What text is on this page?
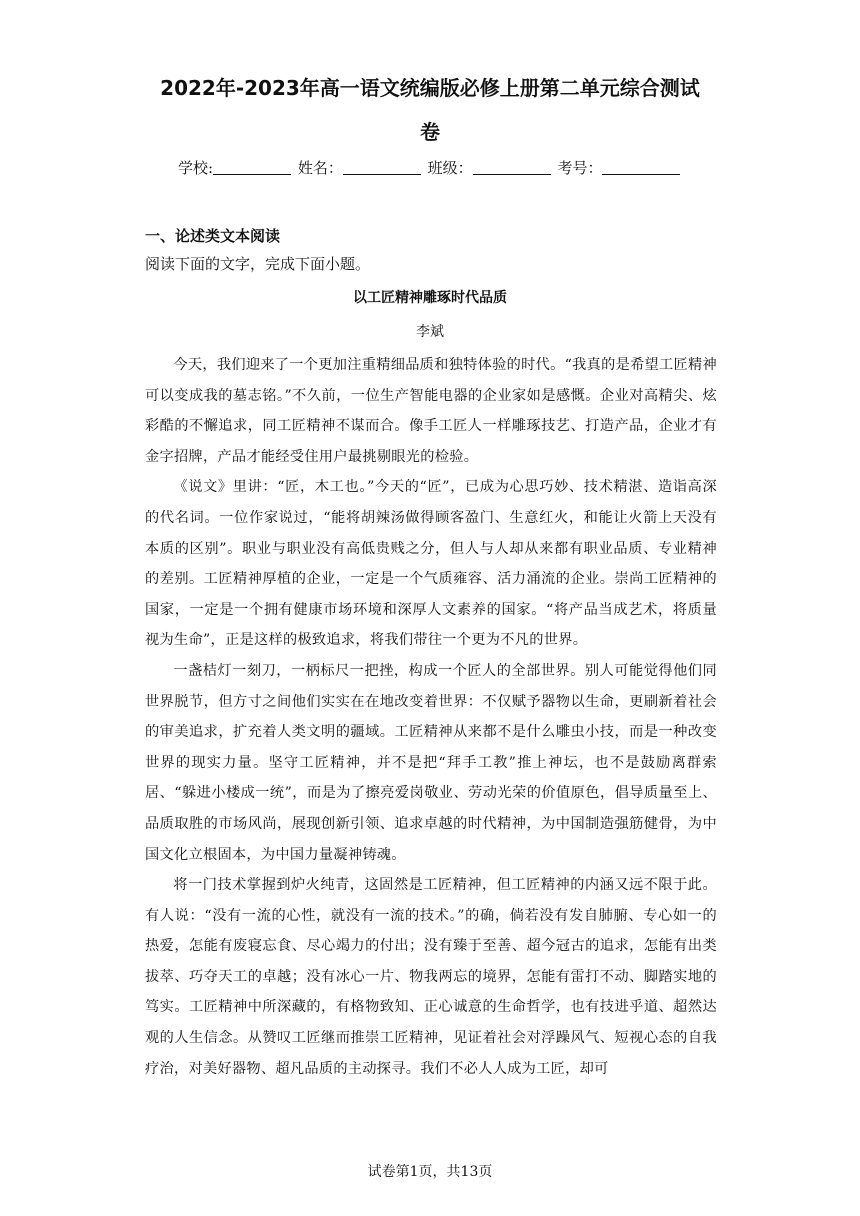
2022年-2023年高一语文统编版必修上册第二单元综合测试
卷
学校:	姓名：	班级：	考号：
一、论述类文本阅读
阅读下面的文字，完成下面小题。
以工匠精神雕琢时代品质
李斌

今天，我们迎来了一个更加注重精细品质和独特体验的时代。“我真的是希望工匠精神可以变成我的墓志铭。”不久前，一位生产智能电器的企业家如是感慨。企业对高精尖、炫彩酷的不懈追求，同工匠精神不谋而合。像手工匠人一样雕琢技艺、打造产品，企业才有金字招牌，产品才能经受住用户最挑剔眼光的检验。

《说文》里讲：“匠，木工也。”今天的“匠”，已成为心思巧妙、技术精湛、造诣高深的代名词。一位作家说过，“能将胡辣汤做得顾客盈门、生意红火，和能让火箭上天没有本质的区别”。职业与职业没有高低贵贱之分，但人与人却从来都有职业品质、专业精神的差别。工匠精神厚植的企业，一定是一个气质雍容、活力涌流的企业。崇尚工匠精神的国家，一定是一个拥有健康市场环境和深厚人文素养的国家。“将产品当成艺术，将质量视为生命”，正是这样的极致追求，将我们带往一个更为不凡的世界。

一盏桔灯一刻刀，一柄标尺一把挫，构成一个匠人的全部世界。别人可能觉得他们同世界脱节，但方寸之间他们实实在在地改变着世界：不仅赋予器物以生命，更刷新着社会的审美追求，扩充着人类文明的疆域。工匠精神从来都不是什么雕虫小技，而是一种改变世界的现实力量。坚守工匠精神，并不是把“拜手工教”推上神坛，也不是鼓励离群索居、“躲进小楼成一统”，而是为了擦亮爱岗敬业、劳动光荣的价值原色，倡导质量至上、品质取胜的市场风尚，展现创新引领、追求卓越的时代精神，为中国制造强筋健骨，为中国文化立根固本，为中国力量凝神铸魂。

将一门技术掌握到炉火纯青，这固然是工匠精神，但工匠精神的内涵又远不限于此。有人说：“没有一流的心性，就没有一流的技术。”的确，倘若没有发自肺腑、专心如一的热爱，怎能有废寝忘食、尽心竭力的付出；没有臻于至善、超今冠古的追求，怎能有出类拔萃、巧夺天工的卓越；没有冰心一片、物我两忘的境界，怎能有雷打不动、脚踏实地的笃实。工匠精神中所深藏的，有格物致知、正心诚意的生命哲学，也有技进乎道、超然达观的人生信念。从赞叹工匠继而推崇工匠精神，见证着社会对浮躁风气、短视心态的自我疗治，对美好器物、超凡品质的主动探寻。我们不必人人成为工匠，却可

试卷第1页，共13页
